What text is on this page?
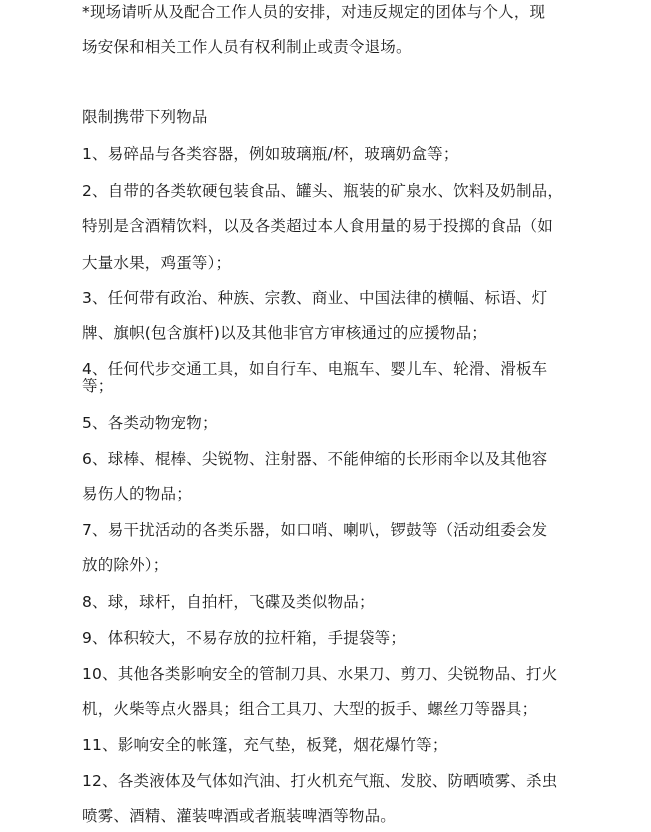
*现场请听从及配合工作人员的安排，对违反规定的团体与个人，现
场安保和相关工作人员有权利制止或责令退场。
限制携带下列物品
1、易碎品与各类容器，例如玻璃瓶/杯，玻璃奶盒等；
2、自带的各类软硬包装食品、罐头、瓶装的矿泉水、饮料及奶制品，
特别是含酒精饮料，以及各类超过本人食用量的易于投掷的食品（如
大量水果，鸡蛋等）；
3、任何带有政治、种族、宗教、商业、中国法律的横幅、标语、灯
牌、旗帜(包含旗杆)以及其他非官方审核通过的应援物品；
4、任何代步交通工具，如自行车、电瓶车、婴儿车、轮滑、滑板车
等；
5、各类动物宠物；
6、球棒、棍棒、尖锐物、注射器、不能伸缩的长形雨伞以及其他容
易伤人的物品；
7、易干扰活动的各类乐器，如口哨、喇叭，锣鼓等（活动组委会发
放的除外）；
8、球，球杆，自拍杆，飞碟及类似物品；
9、体积较大，不易存放的拉杆箱，手提袋等；
10、其他各类影响安全的管制刀具、水果刀、剪刀、尖锐物品、打火
机，火柴等点火器具；组合工具刀、大型的扳手、螺丝刀等器具；
11、影响安全的帐篷，充气垫，板凳，烟花爆竹等；
12、各类液体及气体如汽油、打火机充气瓶、发胶、防晒喷雾、杀虫
喷雾、酒精、灌装啤酒或者瓶装啤酒等物品。
